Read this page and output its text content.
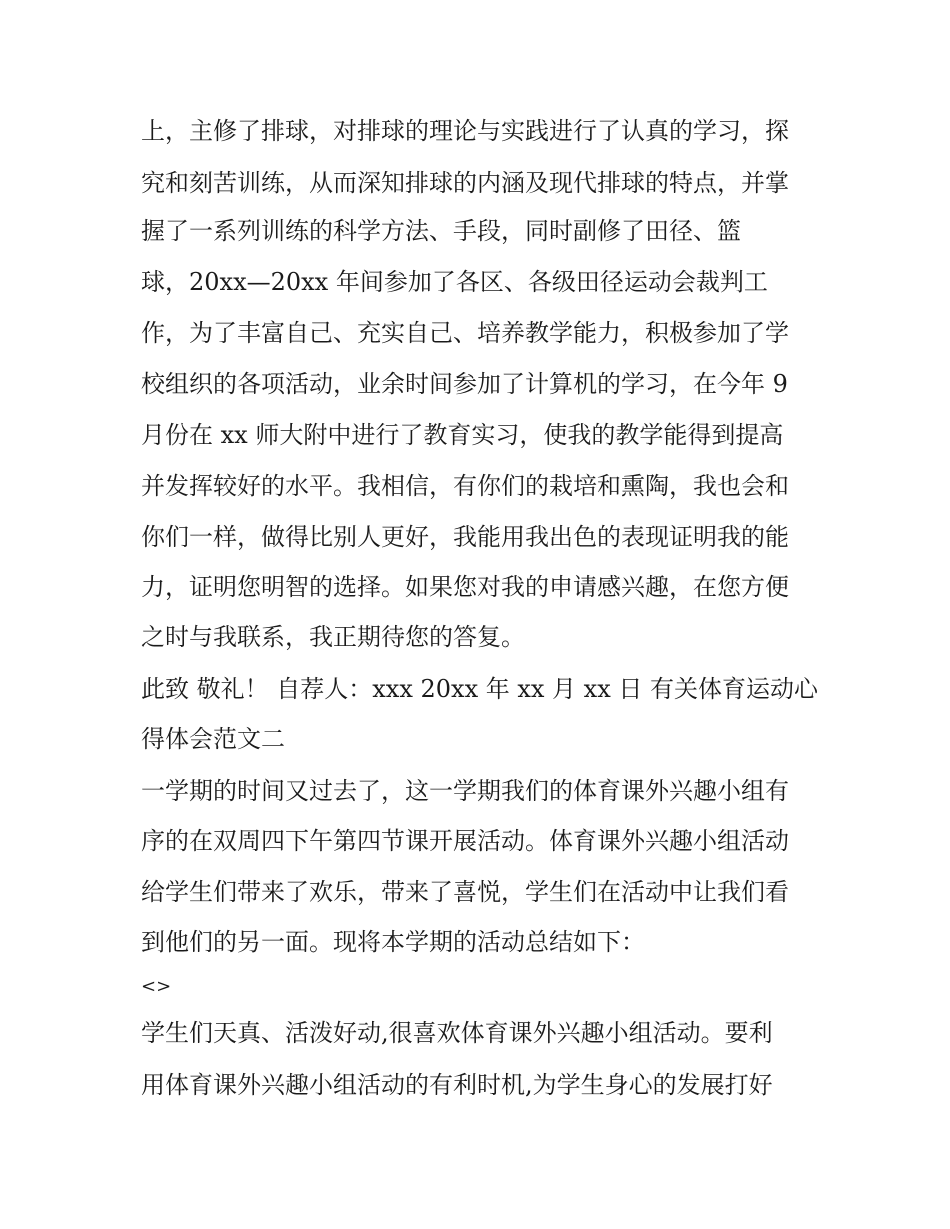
上，主修了排球，对排球的理论与实践进行了认真的学习，探
究和刻苦训练，从而深知排球的内涵及现代排球的特点，并掌
握了一系列训练的科学方法、手段，同时副修了田径、篮
球，20xx—20xx 年间参加了各区、各级田径运动会裁判工
作，为了丰富自己、充实自己、培养教学能力，积极参加了学
校组织的各项活动，业余时间参加了计算机的学习，在今年 9
月份在 xx 师大附中进行了教育实习，使我的教学能得到提高
并发挥较好的水平。我相信，有你们的栽培和熏陶，我也会和
你们一样，做得比别人更好，我能用我出色的表现证明我的能
力，证明您明智的选择。如果您对我的申请感兴趣，在您方便
之时与我联系，我正期待您的答复。
此致 敬礼！ 自荐人：xxx 20xx 年 xx 月 xx 日 有关体育运动心
得体会范文二
一学期的时间又过去了，这一学期我们的体育课外兴趣小组有
序的在双周四下午第四节课开展活动。体育课外兴趣小组活动
给学生们带来了欢乐，带来了喜悦，学生们在活动中让我们看
到他们的另一面。现将本学期的活动总结如下：
<>
学生们天真、活泼好动,很喜欢体育课外兴趣小组活动。要利
用体育课外兴趣小组活动的有利时机,为学生身心的发展打好
